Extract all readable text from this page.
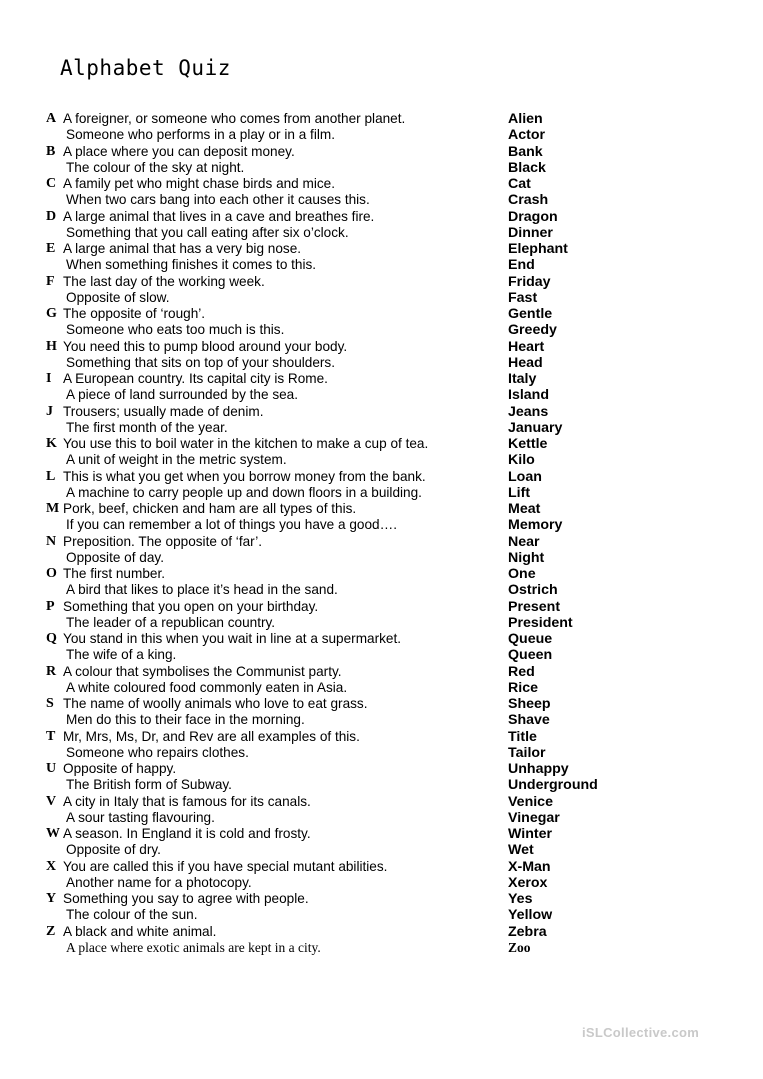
Alphabet Quiz
A A foreigner, or someone who comes from another planet.	Alien
Someone who performs in a play or in a film.	Actor
B A place where you can deposit money.	Bank
The colour of the sky at night.	Black
C A family pet who might chase birds and mice.	Cat
When two cars bang into each other it causes this.	Crash
D A large animal that lives in a cave and breathes fire.	Dragon
Something that you call eating after six o’clock.	Dinner
E A large animal that has a very big nose.	Elephant
When something finishes it comes to this.	End
F The last day of the working week.	Friday
Opposite of slow.	Fast
G The opposite of ‘rough’.	Gentle
Someone who eats too much is this.	Greedy
H You need this to pump blood around your body.	Heart
Something that sits on top of your shoulders.	Head
I A European country. Its capital city is Rome.	Italy
A piece of land surrounded by the sea.	Island
J Trousers; usually made of denim.	Jeans
The first month of the year.	January
K You use this to boil water in the kitchen to make a cup of tea.	Kettle
A unit of weight in the metric system.	Kilo
L This is what you get when you borrow money from the bank.	Loan
A machine to carry people up and down floors in a building.	Lift
M Pork, beef, chicken and ham are all types of this.	Meat
If you can remember a lot of things you have a good….	Memory
N Preposition. The opposite of ‘far’.	Near
Opposite of day.	Night
O The first number.	One
A bird that likes to place it’s head in the sand.	Ostrich
P Something that you open on your birthday.	Present
The leader of a republican country.	President
Q You stand in this when you wait in line at a supermarket.	Queue
The wife of a king.	Queen
R A colour that symbolises the Communist party.	Red
A white coloured food commonly eaten in Asia.	Rice
S The name of woolly animals who love to eat grass.	Sheep
Men do this to their face in the morning.	Shave
T Mr, Mrs, Ms, Dr, and Rev are all examples of this.	Title
Someone who repairs clothes.	Tailor
U Opposite of happy.	Unhappy
The British form of Subway.	Underground
V A city in Italy that is famous for its canals.	Venice
A sour tasting flavouring.	Vinegar
W A season. In England it is cold and frosty.	Winter
Opposite of dry.	Wet
X You are called this if you have special mutant abilities.	X-Man
Another name for a photocopy.	Xerox
Y Something you say to agree with people.	Yes
The colour of the sun.	Yellow
Z A black and white animal.	Zebra
A place where exotic animals are kept in a city.	Zoo
iSLCollective.com
